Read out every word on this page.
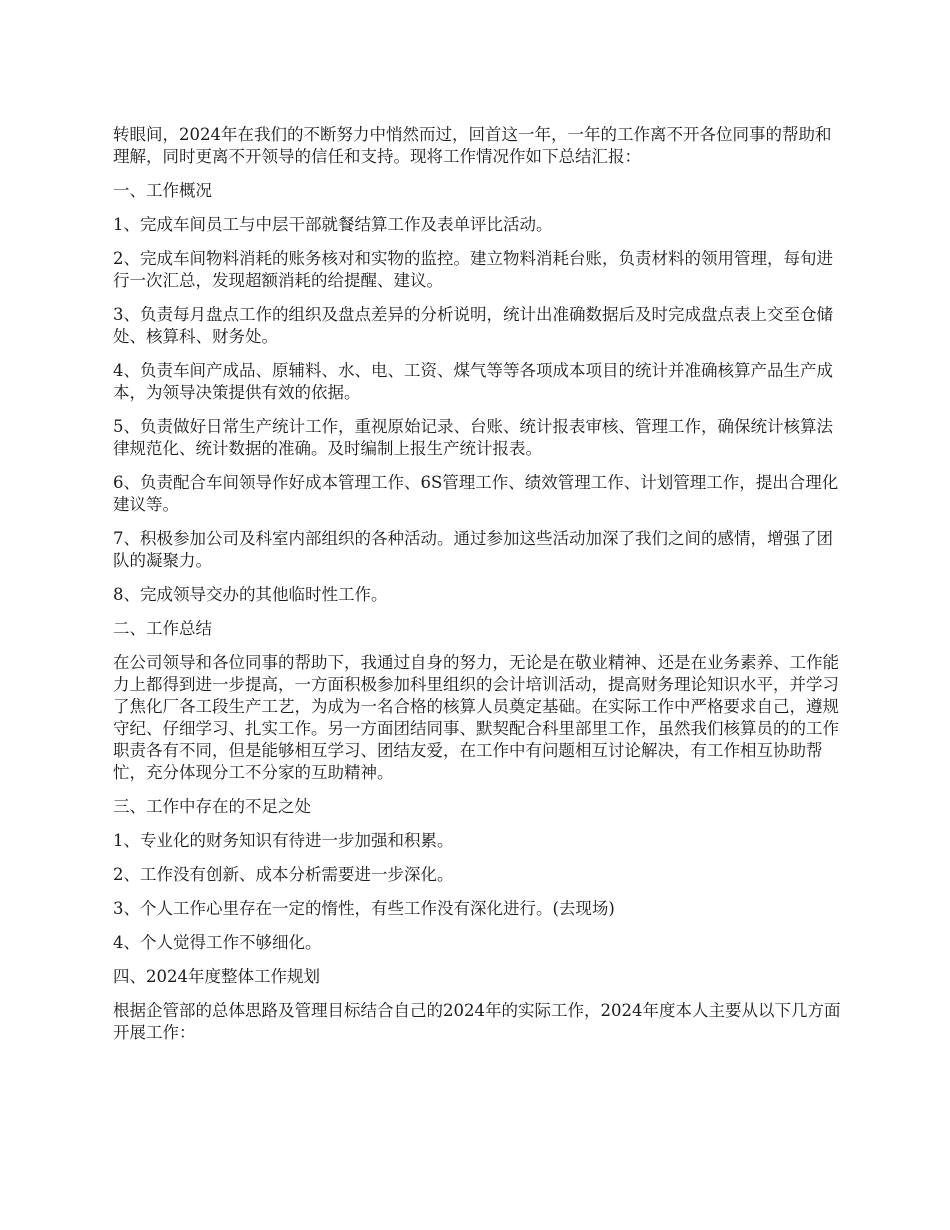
转眼间，2024年在我们的不断努力中悄然而过，回首这一年，一年的工作离不开各位同事的帮助和理解，同时更离不开领导的信任和支持。现将工作情况作如下总结汇报：

一、工作概况

1、完成车间员工与中层干部就餐结算工作及表单评比活动。

2、完成车间物料消耗的账务核对和实物的监控。建立物料消耗台账，负责材料的领用管理，每旬进行一次汇总，发现超额消耗的给提醒、建议。

3、负责每月盘点工作的组织及盘点差异的分析说明，统计出准确数据后及时完成盘点表上交至仓储处、核算科、财务处。

4、负责车间产成品、原辅料、水、电、工资、煤气等等各项成本项目的统计并准确核算产品生产成本，为领导决策提供有效的依据。

5、负责做好日常生产统计工作，重视原始记录、台账、统计报表审核、管理工作，确保统计核算法律规范化、统计数据的准确。及时编制上报生产统计报表。

6、负责配合车间领导作好成本管理工作、6S管理工作、绩效管理工作、计划管理工作，提出合理化建议等。

7、积极参加公司及科室内部组织的各种活动。通过参加这些活动加深了我们之间的感情，增强了团队的凝聚力。

8、完成领导交办的其他临时性工作。

二、工作总结

在公司领导和各位同事的帮助下，我通过自身的努力，无论是在敬业精神、还是在业务素养、工作能力上都得到进一步提高，一方面积极参加科里组织的会计培训活动，提高财务理论知识水平，并学习了焦化厂各工段生产工艺，为成为一名合格的核算人员奠定基础。在实际工作中严格要求自己，遵规守纪、仔细学习、扎实工作。另一方面团结同事、默契配合科里部里工作，虽然我们核算员的的工作职责各有不同，但是能够相互学习、团结友爱，在工作中有问题相互讨论解决，有工作相互协助帮忙，充分体现分工不分家的互助精神。

三、工作中存在的不足之处

1、专业化的财务知识有待进一步加强和积累。

2、工作没有创新、成本分析需要进一步深化。

3、个人工作心里存在一定的惰性，有些工作没有深化进行。(去现场)

4、个人觉得工作不够细化。

四、2024年度整体工作规划

根据企管部的总体思路及管理目标结合自己的2024年的实际工作，2024年度本人主要从以下几方面开展工作：
